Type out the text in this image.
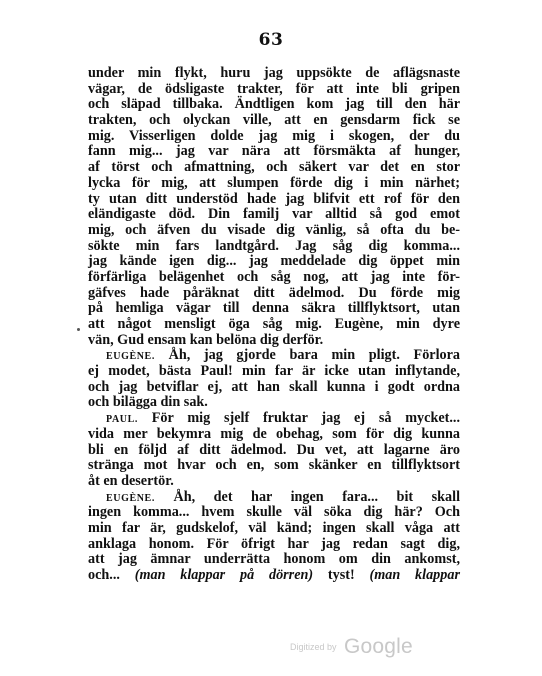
63
under min flykt, huru jag uppsökte de aflägsnaste
vägar, de ödsligaste trakter, för att inte bli gripen
och släpad tillbaka. Ändtligen kom jag till den här
trakten, och olyckan ville, att en gensdarm fick se
mig. Visserligen dolde jag mig i skogen, der du
fann mig... jag var nära att försmäkta af hunger,
af törst och afmattning, och säkert var det en stor
lycka för mig, att slumpen förde dig i min närhet;
ty utan ditt understöd hade jag blifvit ett rof för den
eländigaste död. Din familj var alltid så god emot
mig, och äfven du visade dig vänlig, så ofta du be-
sökte min fars landtgård. Jag såg dig komma...
jag kände igen dig... jag meddelade dig öppet min
förfärliga belägenhet och såg nog, att jag inte för-
gäfves hade påräknat ditt ädelmod. Du förde mig
på hemliga vägar till denna säkra tillflyktsort, utan
att något mensligt öga såg mig. Eugène, min dyre
vän, Gud ensam kan belöna dig derför.
EUGÈNE. Åh, jag gjorde bara min pligt. Förlora
ej modet, bästa Paul! min far är icke utan inflytande,
och jag betviflar ej, att han skall kunna i godt ordna
och bilägga din sak.
PAUL. För mig sjelf fruktar jag ej så mycket...
vida mer bekymra mig de obehag, som för dig kunna
bli en följd af ditt ädelmod. Du vet, att lagarne äro
stränga mot hvar och en, som skänker en tillflyktsort
åt en desertör.
EUGÈNE. Åh, det har ingen fara... bit skall
ingen komma... hvem skulle väl söka dig här? Och
min far är, gudskelof, väl känd; ingen skall våga att
anklaga honom. För öfrigt har jag redan sagt dig,
att jag ämnar underrätta honom om din ankomst,
och... (man klappar på dörren) tyst! (man klappar
Digitized by Google
